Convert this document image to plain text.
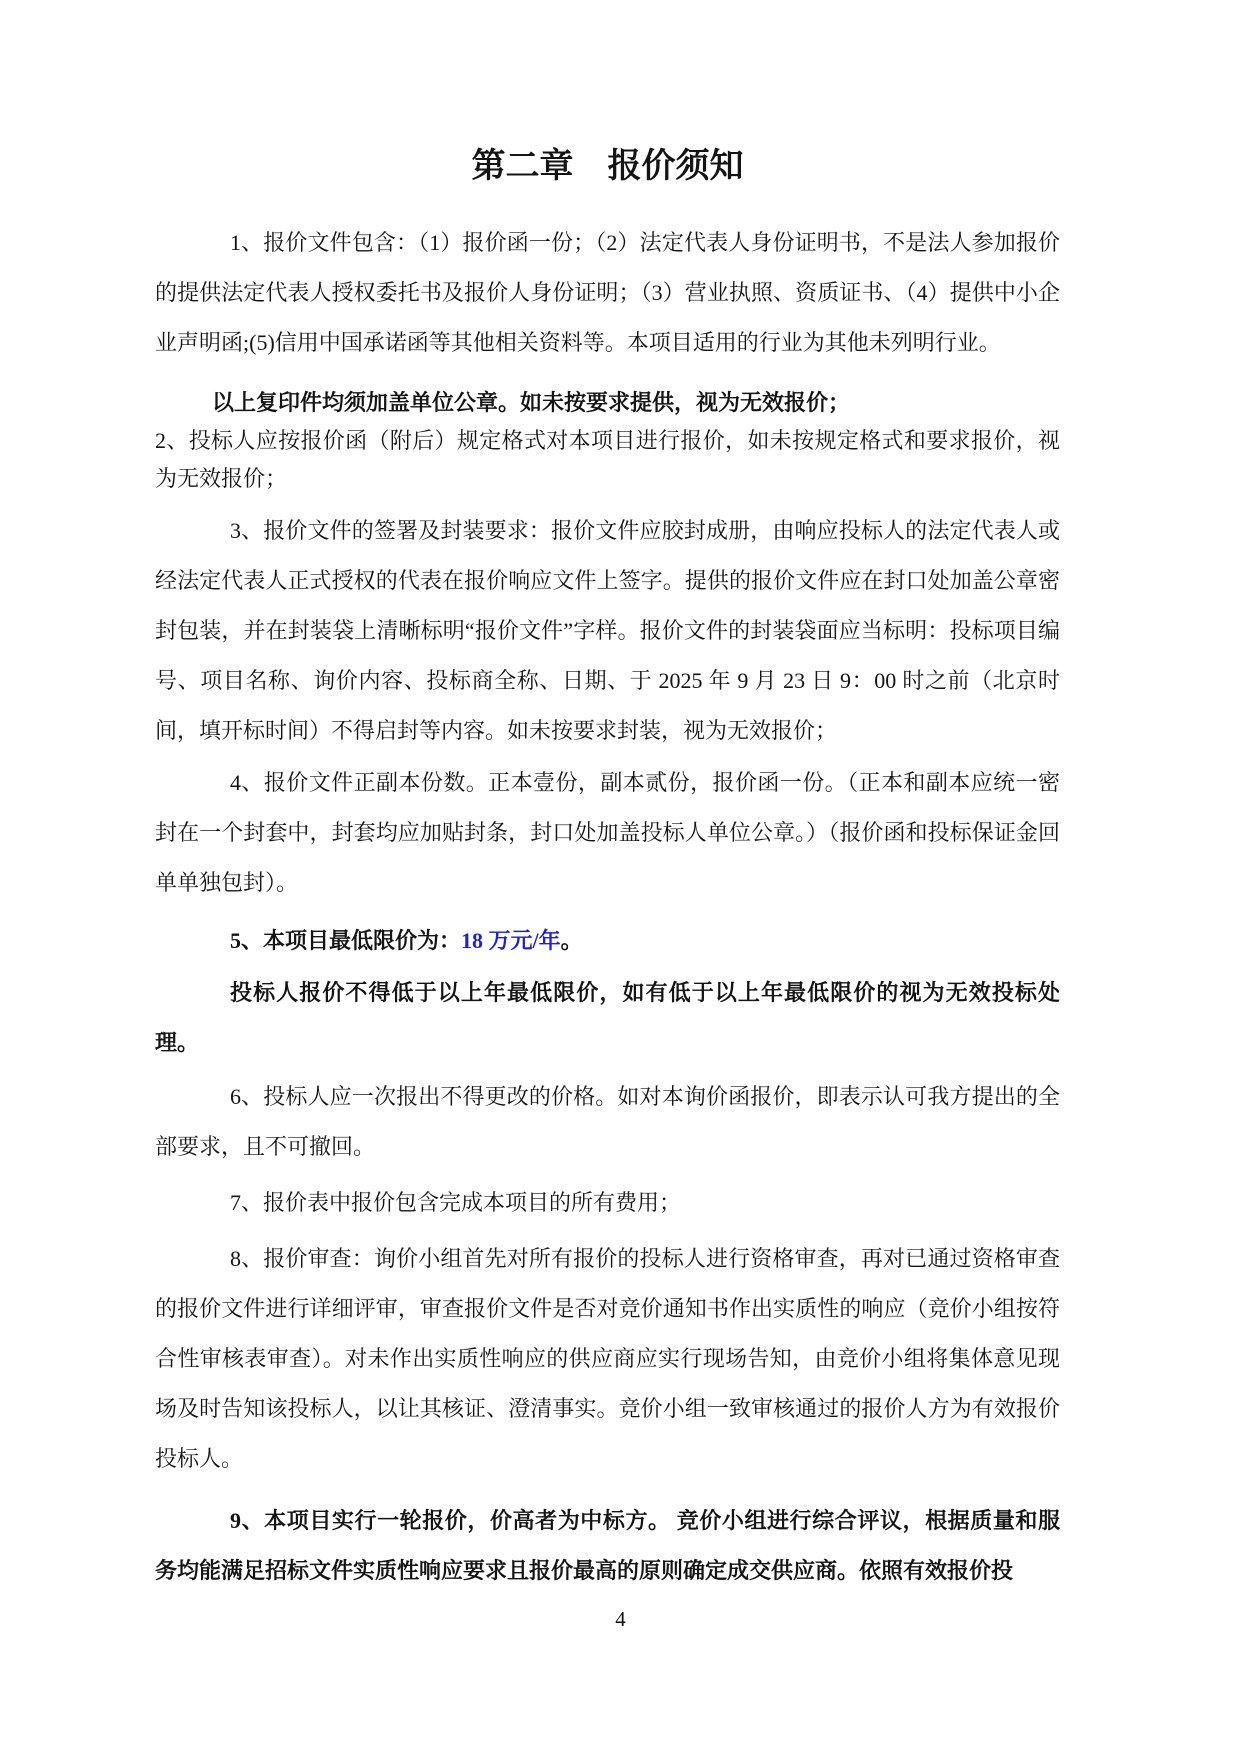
第二章　报价须知

1、报价文件包含：（1）报价函一份；（2）法定代表人身份证明书，不是法人参加报价的提供法定代表人授权委托书及报价人身份证明；（3）营业执照、资质证书、（4）提供中小企业声明函;(5)信用中国承诺函等其他相关资料等。本项目适用的行业为其他未列明行业。

以上复印件均须加盖单位公章。如未按要求提供，视为无效报价；

2、投标人应按报价函（附后）规定格式对本项目进行报价，如未按规定格式和要求报价，视为无效报价；

3、报价文件的签署及封装要求：报价文件应胶封成册，由响应投标人的法定代表人或经法定代表人正式授权的代表在报价响应文件上签字。提供的报价文件应在封口处加盖公章密封包装，并在封装袋上清晰标明“报价文件”字样。报价文件的封装袋面应当标明：投标项目编号、项目名称、询价内容、投标商全称、日期、于 2025 年 9 月 23 日 9：00 时之前（北京时间，填开标时间）不得启封等内容。如未按要求封装，视为无效报价；

4、报价文件正副本份数。正本壹份，副本贰份，报价函一份。（正本和副本应统一密封在一个封套中，封套均应加贴封条，封口处加盖投标人单位公章。）（报价函和投标保证金回单单独包封）。

5、本项目最低限价为：18 万元/年。

投标人报价不得低于以上年最低限价，如有低于以上年最低限价的视为无效投标处理。

6、投标人应一次报出不得更改的价格。如对本询价函报价，即表示认可我方提出的全部要求，且不可撤回。

7、报价表中报价包含完成本项目的所有费用；

8、报价审查：询价小组首先对所有报价的投标人进行资格审查，再对已通过资格审查的报价文件进行详细评审，审查报价文件是否对竞价通知书作出实质性的响应（竞价小组按符合性审核表审查）。对未作出实质性响应的供应商应实行现场告知，由竞价小组将集体意见现场及时告知该投标人，以让其核证、澄清事实。竞价小组一致审核通过的报价人方为有效报价投标人。

9、本项目实行一轮报价，价高者为中标方。 竞价小组进行综合评议，根据质量和服务均能满足招标文件实质性响应要求且报价最高的原则确定成交供应商。依照有效报价投

4
